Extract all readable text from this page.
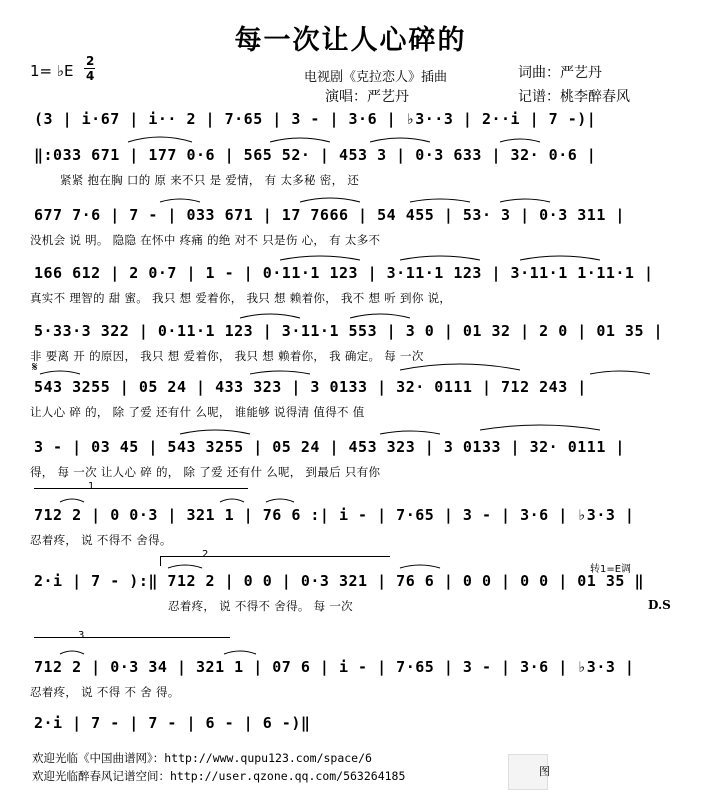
每一次让人心碎的
1= ♭E
2
4	电视剧《克拉恋人》插曲	词曲：严艺丹
演唱：严艺丹	记谱：桃李醉春风
(3 | i·67 | i·· 2 | 7·65 | 3 - | 3·6 | ♭3··3 | 2··i | 7 -)|
‖:033 671 | 177 0·6 | 565 52· | 453 3 | 0·3 633 | 32· 0·6 |
紧紧 抱在胸 口的 原 来不只 是 爱情， 有 太多秘 密， 还
677 7·6 | 7 - | 033 671 | 17 7666 | 54 455 | 53· 3 | 0·3 311 |
没机会 说 明。 隐隐 在怀中 疼痛 的绝 对不 只是伤 心， 有 太多不
166 612 | 2 0·7 | 1 - | 0·11·1 123 | 3·11·1 123 | 3·11·1 1·11·1 |
真实不 理智的 甜 蜜。 我只 想 爱着你， 我只 想 赖着你， 我不 想 听 到你 说，
5·33·3 322 | 0·11·1 123 | 3·11·1 553 | 3 0 | 01 32 | 2 0 | 01 35 |
非 要离 开 的原因， 我只 想 爱着你， 我只 想 赖着你， 我 确定。 每 一次
𝄋
543 3255 | 05 24 | 433 323 | 3 0133 | 32· 0111 | 712 243 |
让人心 碎 的， 除 了爱 还有什 么呢， 谁能够 说得清 值得不 值
3 - | 03 45 | 543 3255 | 05 24 | 453 323 | 3 0133 | 32· 0111 |
得， 每 一次 让人心 碎 的， 除 了爱 还有什 么呢， 到最后 只有你
1
712 2 | 0 0·3 | 321 1 | 76 6 :| i - | 7·65 | 3 - | 3·6 | ♭3·3 |
忍着疼， 说 不得不 舍得。
2
转1=E调
2·i | 7 - ):‖ 712 2 | 0 0 | 0·3 321 | 76 6 | 0 0 | 0 0 | 01 35 ‖
忍着疼， 说 不得不 舍得。 每 一次	D.S
3
712 2 | 0·3 34 | 321 1 | 07 6 | i - | 7·65 | 3 - | 3·6 | ♭3·3 |
忍着疼， 说 不得 不 舍 得。
2·i | 7 - | 7 - | 6 - | 6 -)‖
欢迎光临《中国曲谱网》：http://www.qupu123.com/space/6
欢迎光临醉春风记谱空间：http://user.qzone.qq.com/563264185	图
